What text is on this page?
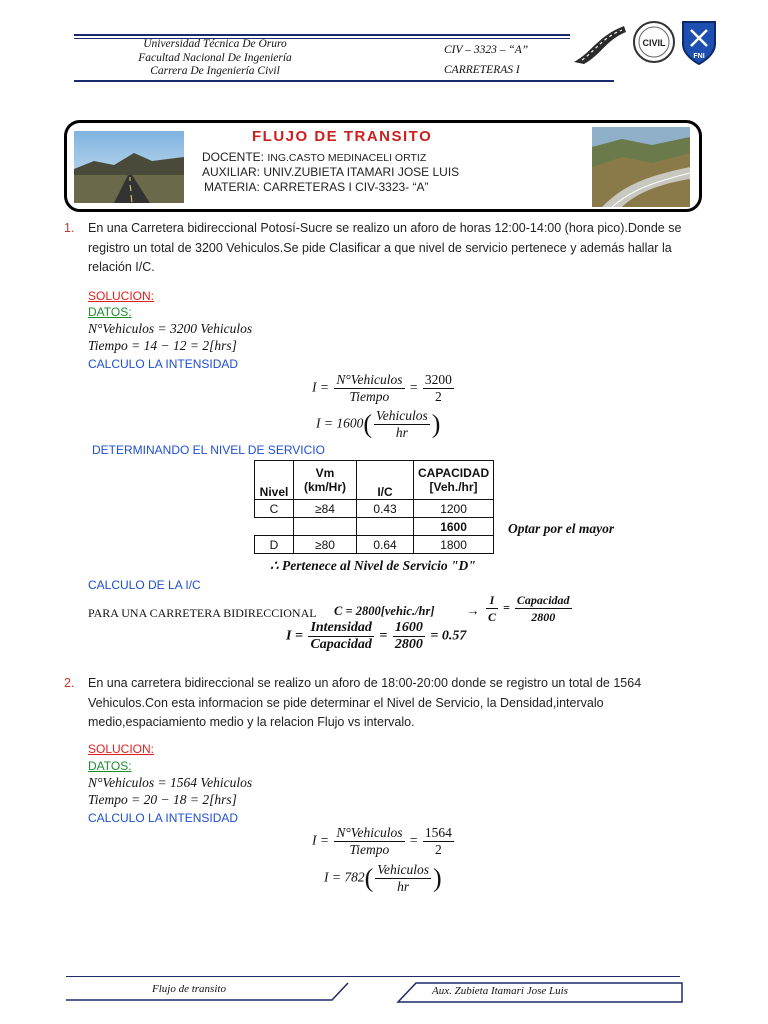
Universidad Técnica De Oruro
Facultad Nacional De Ingeniería
Carrera De Ingeniería Civil
CIV – 3323 – “A”
CARRETERAS I
CIVIL
FNI
FLUJO DE TRANSITO
DOCENTE: ING.CASTO MEDINACELI ORTIZ
AUXILIAR: UNIV.ZUBIETA ITAMARI JOSE LUIS
MATERIA: CARRETERAS I CIV-3323- “A”
1. En una Carretera bidireccional Potosí-Sucre se realizo un aforo de horas 12:00-14:00 (hora pico).Donde se registro un total de 3200 Vehiculos.Se pide Clasificar a que nivel de servicio pertenece y además hallar la relación I/C.
SOLUCION:
DATOS:
N°Vehiculos = 3200 Vehiculos
Tiempo = 14 − 12 = 2[hrs]
CALCULO LA INTENSIDAD
$I = \frac{\text{N°Vehiculos}}{\text{Tiempo}} = \frac{3200}{2}$
$I = 1600( \frac{\text{Vehiculos}}{hr}$ )
DETERMINANDO EL NIVEL DE SERVICIO
Nivel	Vm (km/Hr)	I/C	CAPACIDAD [Veh./hr]
C	≥84	0.43	1200
			1600
D	≥80	0.64	1800
Optar por el mayor
∴ Pertenece al Nivel de Servicio "D"
CALCULO DE LA I/C
PARA UNA CARRETERA BIDIRECCIONAL C = 2800[vehic./hr] → $\frac{I}{C} = \frac{\text{Capacidad}}{2800}$
$I = \frac{\text{Intensidad}}{\text{Capacidad}} = \frac{1600}{2800} = 0.57$
2. En una carretera bidireccional se realizo un aforo de 18:00-20:00 donde se registro un total de 1564 Vehiculos.Con esta informacion se pide determinar el Nivel de Servicio, la Densidad,intervalo medio,espaciamiento medio y la relacion Flujo vs intervalo.
SOLUCION:
DATOS:
N°Vehiculos = 1564 Vehiculos
Tiempo = 20 − 18 = 2[hrs]
CALCULO LA INTENSIDAD
$I = \frac{\text{N°Vehiculos}}{\text{Tiempo}} = \frac{1564}{2}$
$I = 782( \frac{\text{Vehiculos}}{hr}$ )
Flujo de transito	Aux. Zubieta Itamari Jose Luis
